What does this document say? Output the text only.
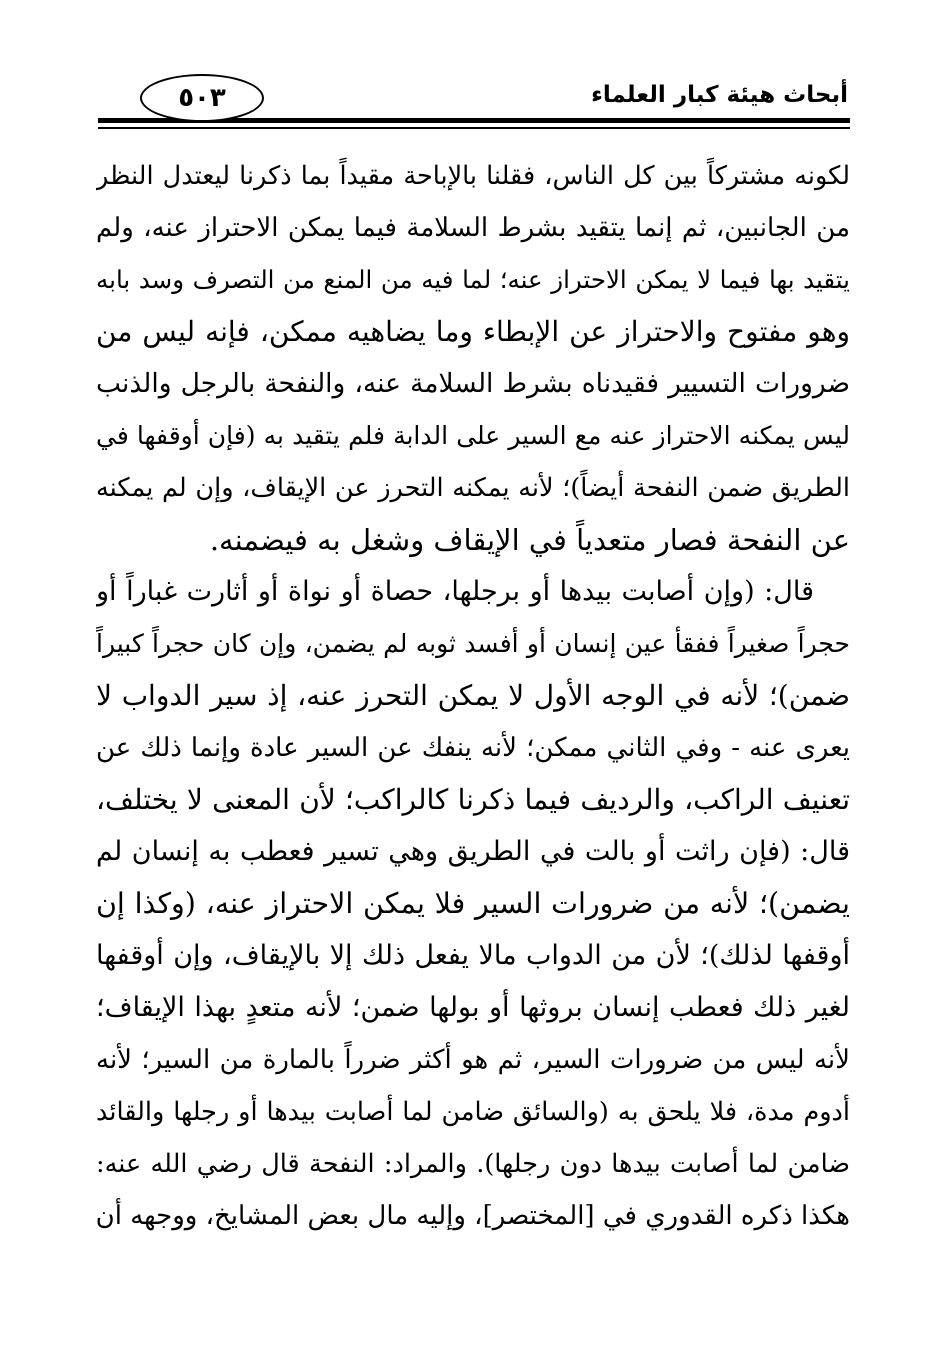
٥٠٣	أبحاث هيئة كبار العلماء
لكونه مشتركاً بين كل الناس، فقلنا بالإباحة مقيداً بما ذكرنا ليعتدل النظر
من الجانبين، ثم إنما يتقيد بشرط السلامة فيما يمكن الاحتراز عنه، ولم
يتقيد بها فيما لا يمكن الاحتراز عنه؛ لما فيه من المنع من التصرف وسد بابه
وهو مفتوح والاحتراز عن الإبطاء وما يضاهيه ممكن، فإنه ليس من
ضرورات التسيير فقيدناه بشرط السلامة عنه، والنفحة بالرجل والذنب
ليس يمكنه الاحتراز عنه مع السير على الدابة فلم يتقيد به (فإن أوقفها في
الطريق ضمن النفحة أيضاً)؛ لأنه يمكنه التحرز عن الإيقاف، وإن لم يمكنه
عن النفحة فصار متعدياً في الإيقاف وشغل به فيضمنه.
قال: (وإن أصابت بيدها أو برجلها، حصاة أو نواة أو أثارت غباراً أو
حجراً صغيراً ففقأ عين إنسان أو أفسد ثوبه لم يضمن، وإن كان حجراً كبيراً
ضمن)؛ لأنه في الوجه الأول لا يمكن التحرز عنه، إذ سير الدواب لا
يعرى عنه - وفي الثاني ممكن؛ لأنه ينفك عن السير عادة وإنما ذلك عن
تعنيف الراكب، والرديف فيما ذكرنا كالراكب؛ لأن المعنى لا يختلف،
قال: (فإن راثت أو بالت في الطريق وهي تسير فعطب به إنسان لم
يضمن)؛ لأنه من ضرورات السير فلا يمكن الاحتراز عنه، (وكذا إن
أوقفها لذلك)؛ لأن من الدواب مالا يفعل ذلك إلا بالإيقاف، وإن أوقفها
لغير ذلك فعطب إنسان بروثها أو بولها ضمن؛ لأنه متعدٍ بهذا الإيقاف؛
لأنه ليس من ضرورات السير، ثم هو أكثر ضرراً بالمارة من السير؛ لأنه
أدوم مدة، فلا يلحق به (والسائق ضامن لما أصابت بيدها أو رجلها والقائد
ضامن لما أصابت بيدها دون رجلها). والمراد: النفحة قال رضي الله عنه:
هكذا ذكره القدوري في [المختصر]، وإليه مال بعض المشايخ، ووجهه أن
